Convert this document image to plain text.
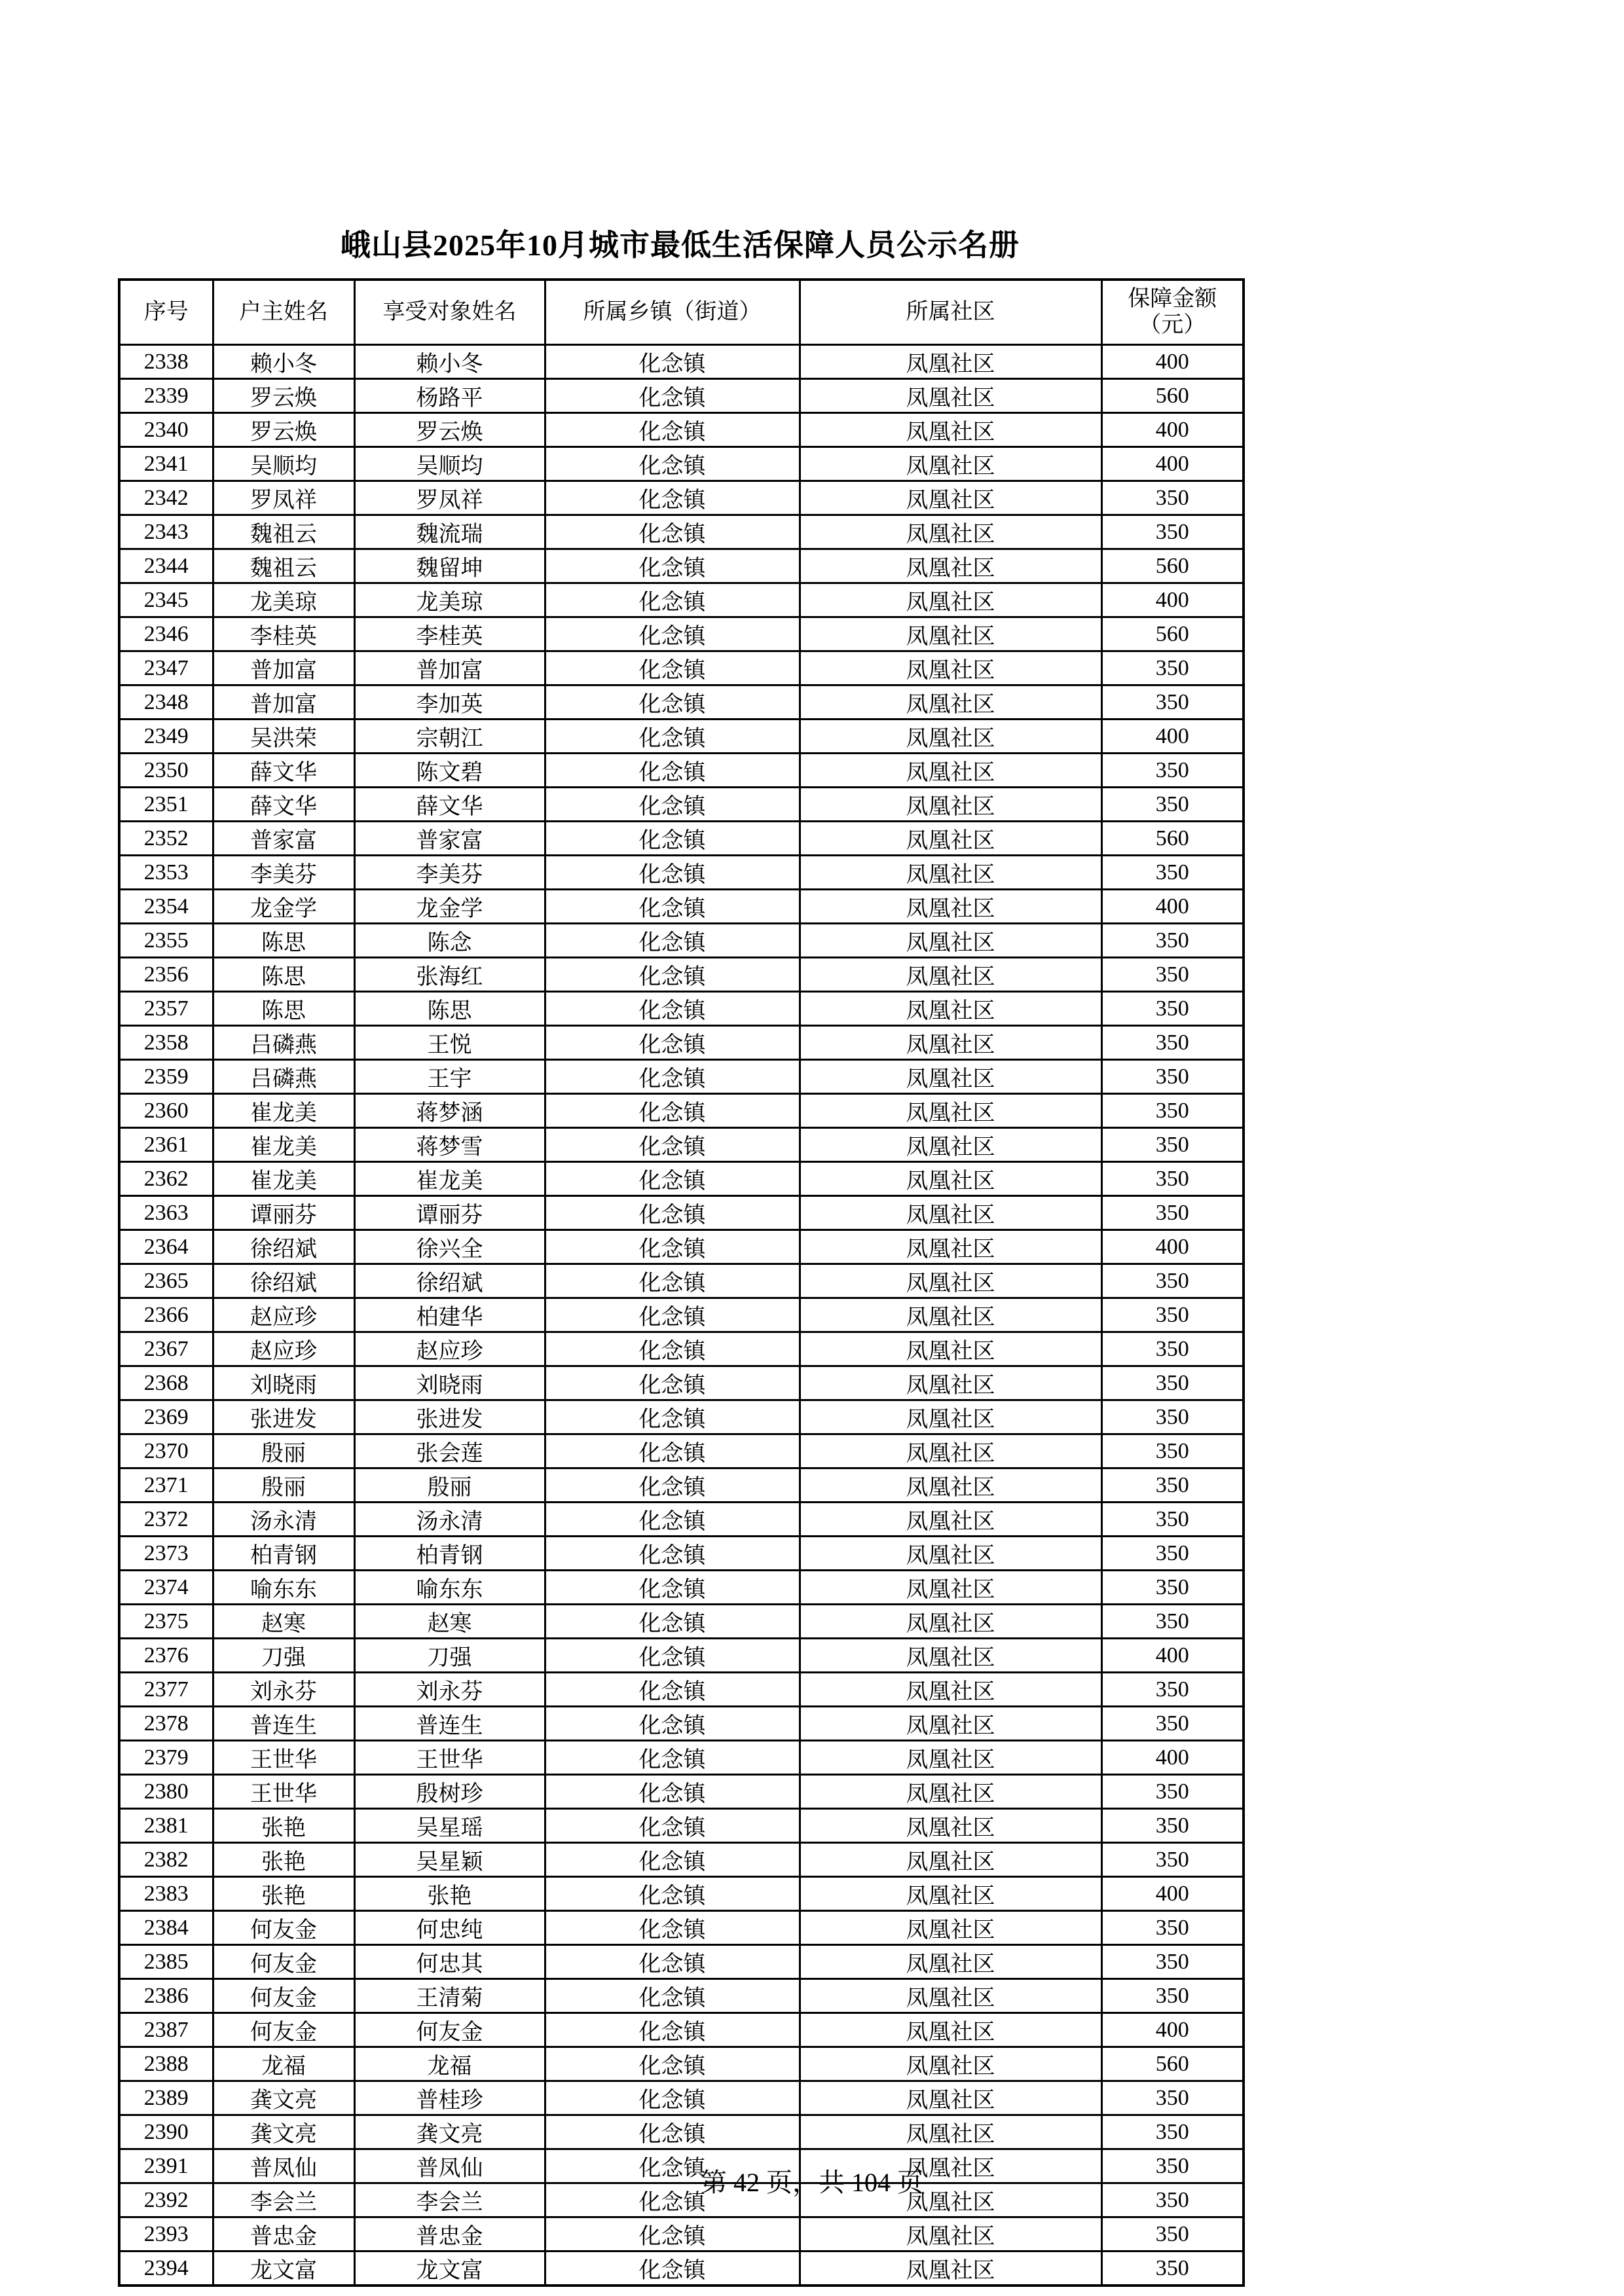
峨山县2025年10月城市最低生活保障人员公示名册
序号	户主姓名	享受对象姓名	所属乡镇（街道）	所属社区	保障金额
（元）

2338	赖小冬	赖小冬	化念镇	凤凰社区	400
2339	罗云焕	杨路平	化念镇	凤凰社区	560
2340	罗云焕	罗云焕	化念镇	凤凰社区	400
2341	吴顺均	吴顺均	化念镇	凤凰社区	400
2342	罗凤祥	罗凤祥	化念镇	凤凰社区	350
2343	魏祖云	魏流瑞	化念镇	凤凰社区	350
2344	魏祖云	魏留坤	化念镇	凤凰社区	560
2345	龙美琼	龙美琼	化念镇	凤凰社区	400
2346	李桂英	李桂英	化念镇	凤凰社区	560
2347	普加富	普加富	化念镇	凤凰社区	350
2348	普加富	李加英	化念镇	凤凰社区	350
2349	吴洪荣	宗朝江	化念镇	凤凰社区	400
2350	薛文华	陈文碧	化念镇	凤凰社区	350
2351	薛文华	薛文华	化念镇	凤凰社区	350
2352	普家富	普家富	化念镇	凤凰社区	560
2353	李美芬	李美芬	化念镇	凤凰社区	350
2354	龙金学	龙金学	化念镇	凤凰社区	400
2355	陈思	陈念	化念镇	凤凰社区	350
2356	陈思	张海红	化念镇	凤凰社区	350
2357	陈思	陈思	化念镇	凤凰社区	350
2358	吕磷燕	王悦	化念镇	凤凰社区	350
2359	吕磷燕	王宇	化念镇	凤凰社区	350
2360	崔龙美	蒋梦涵	化念镇	凤凰社区	350
2361	崔龙美	蒋梦雪	化念镇	凤凰社区	350
2362	崔龙美	崔龙美	化念镇	凤凰社区	350
2363	谭丽芬	谭丽芬	化念镇	凤凰社区	350
2364	徐绍斌	徐兴全	化念镇	凤凰社区	400
2365	徐绍斌	徐绍斌	化念镇	凤凰社区	350
2366	赵应珍	柏建华	化念镇	凤凰社区	350
2367	赵应珍	赵应珍	化念镇	凤凰社区	350
2368	刘晓雨	刘晓雨	化念镇	凤凰社区	350
2369	张进发	张进发	化念镇	凤凰社区	350
2370	殷丽	张会莲	化念镇	凤凰社区	350
2371	殷丽	殷丽	化念镇	凤凰社区	350
2372	汤永清	汤永清	化念镇	凤凰社区	350
2373	柏青钢	柏青钢	化念镇	凤凰社区	350
2374	喻东东	喻东东	化念镇	凤凰社区	350
2375	赵寒	赵寒	化念镇	凤凰社区	350
2376	刀强	刀强	化念镇	凤凰社区	400
2377	刘永芬	刘永芬	化念镇	凤凰社区	350
2378	普连生	普连生	化念镇	凤凰社区	350
2379	王世华	王世华	化念镇	凤凰社区	400
2380	王世华	殷树珍	化念镇	凤凰社区	350
2381	张艳	吴星瑶	化念镇	凤凰社区	350
2382	张艳	吴星颖	化念镇	凤凰社区	350
2383	张艳	张艳	化念镇	凤凰社区	400
2384	何友金	何忠纯	化念镇	凤凰社区	350
2385	何友金	何忠其	化念镇	凤凰社区	350
2386	何友金	王清菊	化念镇	凤凰社区	350
2387	何友金	何友金	化念镇	凤凰社区	400
2388	龙福	龙福	化念镇	凤凰社区	560
2389	龚文亮	普桂珍	化念镇	凤凰社区	350
2390	龚文亮	龚文亮	化念镇	凤凰社区	350
2391	普凤仙	普凤仙	化念镇	凤凰社区	350
2392	李会兰	李会兰	化念镇	凤凰社区	350
2393	普忠金	普忠金	化念镇	凤凰社区	350
2394	龙文富	龙文富	化念镇	凤凰社区	350
第 42 页，共 104 页
